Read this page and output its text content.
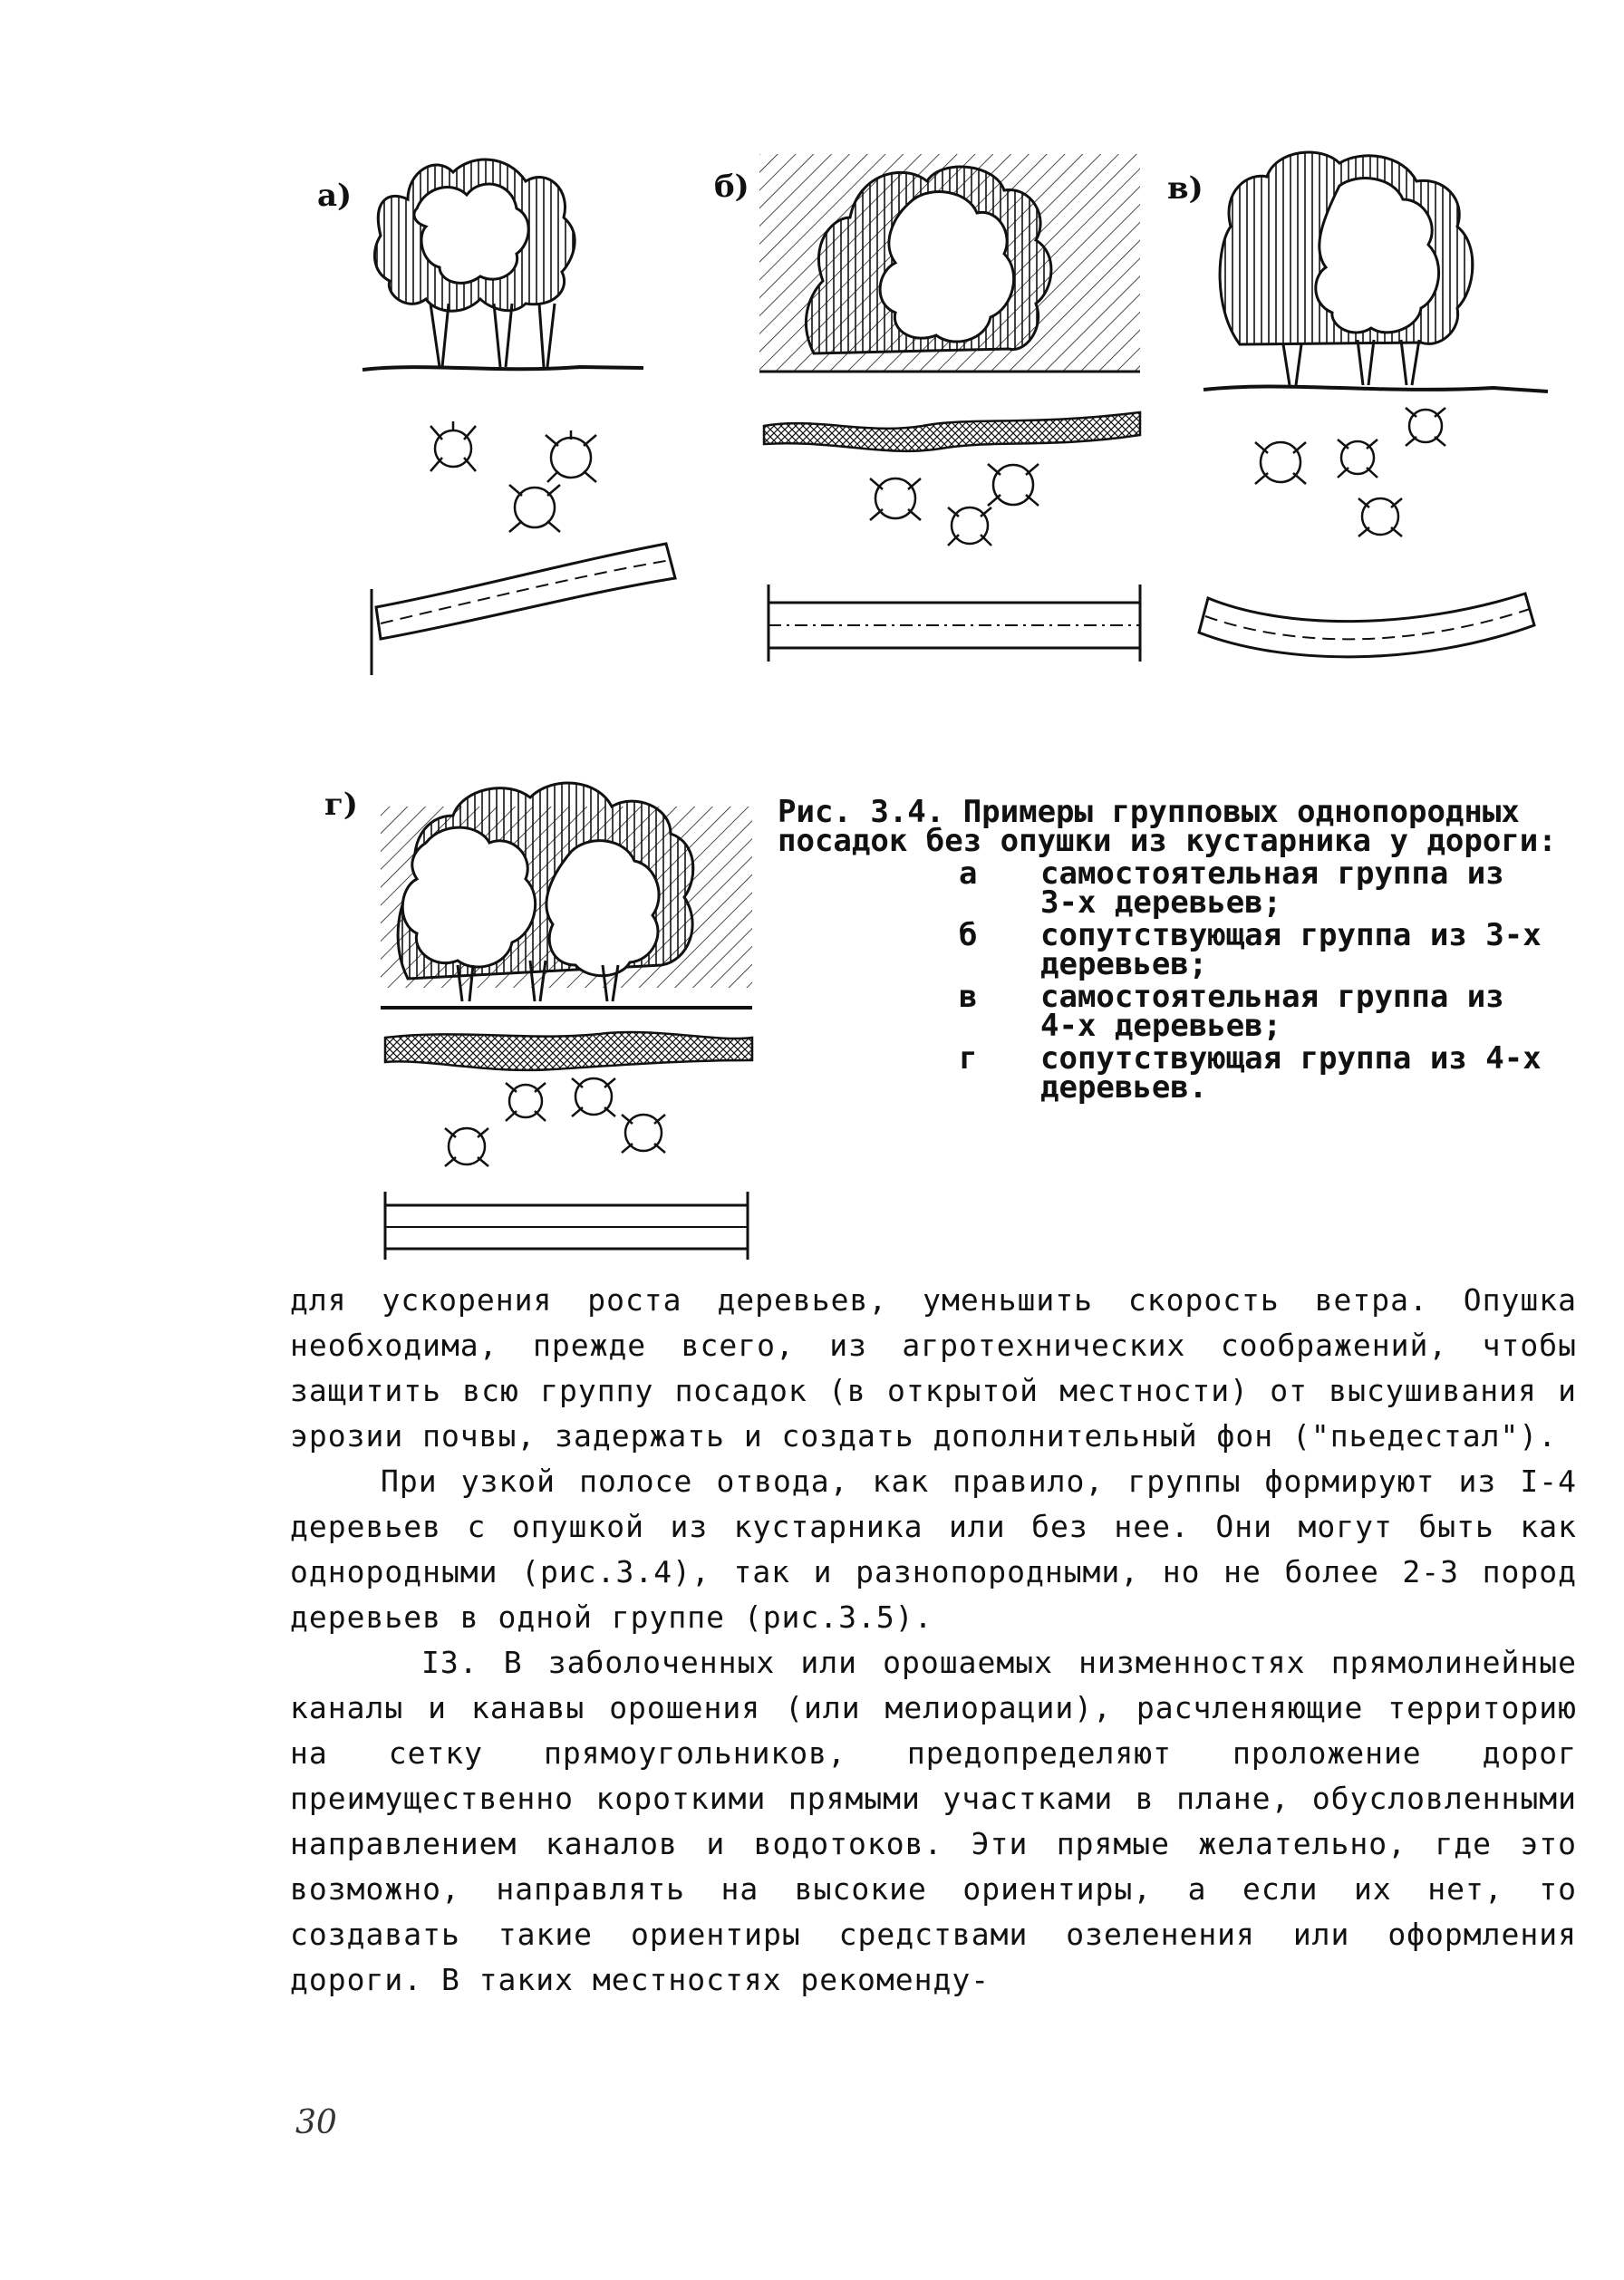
а)	б)	в)
г)	Рис. 3.4. Примеры групповых однопородных посадок без опушки из кустарника у дороги:
а	самостоятельная группа из 3-х деревьев;
б	сопутствующая группа из 3-х деревьев;
в	самостоятельная группа из 4-х деревьев;
г	сопутствующая группа из 4-х деревьев.

для ускорения роста деревьев, уменьшить скорость ветра. Опушка необходима, прежде всего, из агротехнических соображений, чтобы защитить всю группу посадок (в открытой местности) от высушивания и эрозии почвы, задержать и создать дополнительный фон ("пьедестал").

При узкой полосе отвода, как правило, группы формируют из I-4 деревьев с опушкой из кустарника или без нее. Они могут быть как однородными (рис.3.4), так и разнопородными, но не более 2-3 пород деревьев в одной группе (рис.3.5).

I3. В заболоченных или орошаемых низменностях прямолинейные каналы и канавы орошения (или мелиорации), расчленяющие территорию на сетку прямоугольников, предопределяют проложение дорог преимущественно короткими прямыми участками в плане, обусловленными направлением каналов и водотоков. Эти прямые желательно, где это возможно, направлять на высокие ориентиры, а если их нет, то создавать такие ориентиры средствами озеленения или оформления дороги. В таких местностях рекоменду-

30
